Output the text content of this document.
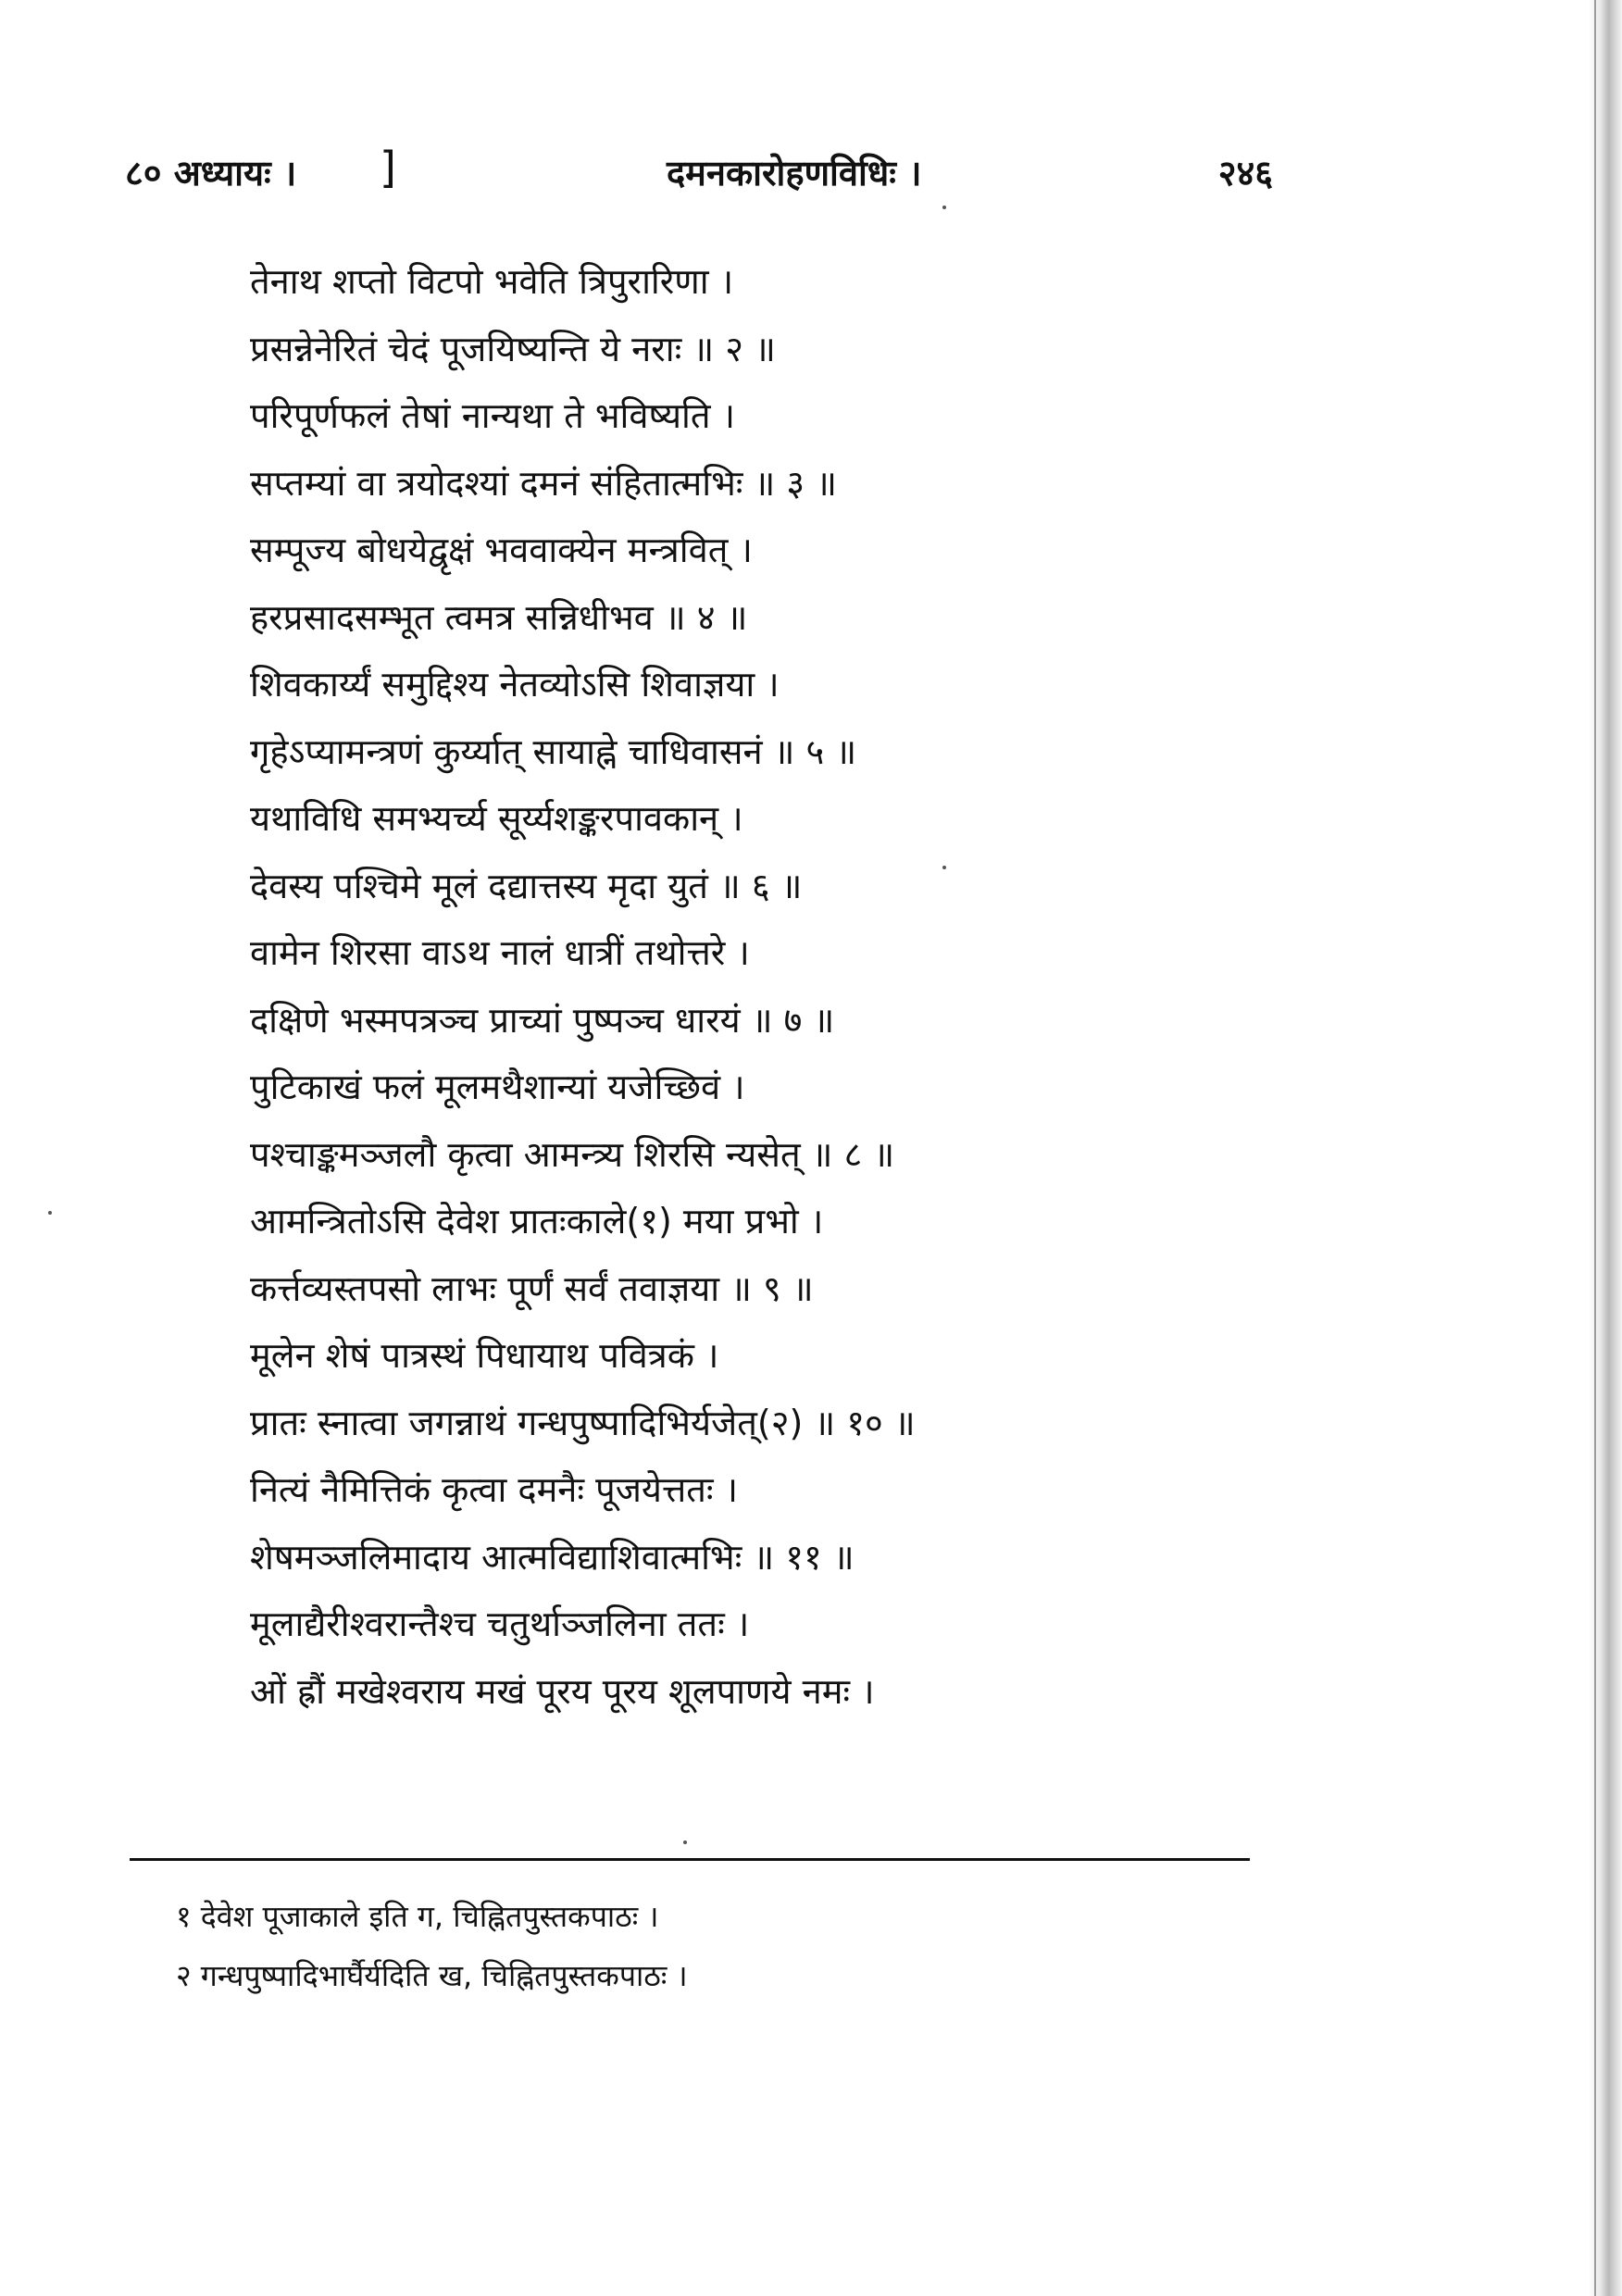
८० अध्यायः । ]	दमनकारोहणविधिः ।	२४६
तेनाथ शप्तो विटपो भवेति त्रिपुरारिणा ।
प्रसन्नेनेरितं चेदं पूजयिष्यन्ति ये नराः ॥ २ ॥
परिपूर्णफलं तेषां नान्यथा ते भविष्यति ।
सप्तम्यां वा त्रयोदश्यां दमनं संहितात्मभिः ॥ ३ ॥
सम्पूज्य बोधयेद्वृक्षं भववाक्येन मन्त्रवित् ।
हरप्रसादसम्भूत त्वमत्र सन्निधीभव ॥ ४ ॥
शिवकार्य्यं समुद्दिश्य नेतव्योऽसि शिवाज्ञया ।
गृहेऽप्यामन्त्रणं कुर्य्यात् सायाह्ने चाधिवासनं ॥ ५ ॥
यथाविधि समभ्यर्च्य सूर्य्यशङ्करपावकान् ।
देवस्य पश्चिमे मूलं दद्यात्तस्य मृदा युतं ॥ ६ ॥
वामेन शिरसा वाऽथ नालं धात्रीं तथोत्तरे ।
दक्षिणे भस्मपत्रञ्च प्राच्यां पुष्पञ्च धारयं ॥ ७ ॥
पुटिकाखं फलं मूलमथैशान्यां यजेच्छिवं ।
पश्चाङ्कमञ्जलौ कृत्वा आमन्त्र्य शिरसि न्यसेत् ॥ ८ ॥
आमन्त्रितोऽसि देवेश प्रातःकाले(१) मया प्रभो ।
कर्त्तव्यस्तपसो लाभः पूर्णं सर्वं तवाज्ञया ॥ ९ ॥
मूलेन शेषं पात्रस्थं पिधायाथ पवित्रकं ।
प्रातः स्नात्वा जगन्नाथं गन्धपुष्पादिभिर्यजेत्(२) ॥ १० ॥
नित्यं नैमित्तिकं कृत्वा दमनैः पूजयेत्ततः ।
शेषमञ्जलिमादाय आत्मविद्याशिवात्मभिः ॥ ११ ॥
मूलाद्यैरीश्वरान्तैश्च चतुर्थाञ्जलिना ततः ।
ओं ह्रौं मखेश्वराय मखं पूरय पूरय शूलपाणये नमः ।
१ देवेश पूजाकाले इति ग, चिह्नितपुस्तकपाठः ।
२ गन्धपुष्पादिभार्घैर्यदिति ख, चिह्नितपुस्तकपाठः ।
